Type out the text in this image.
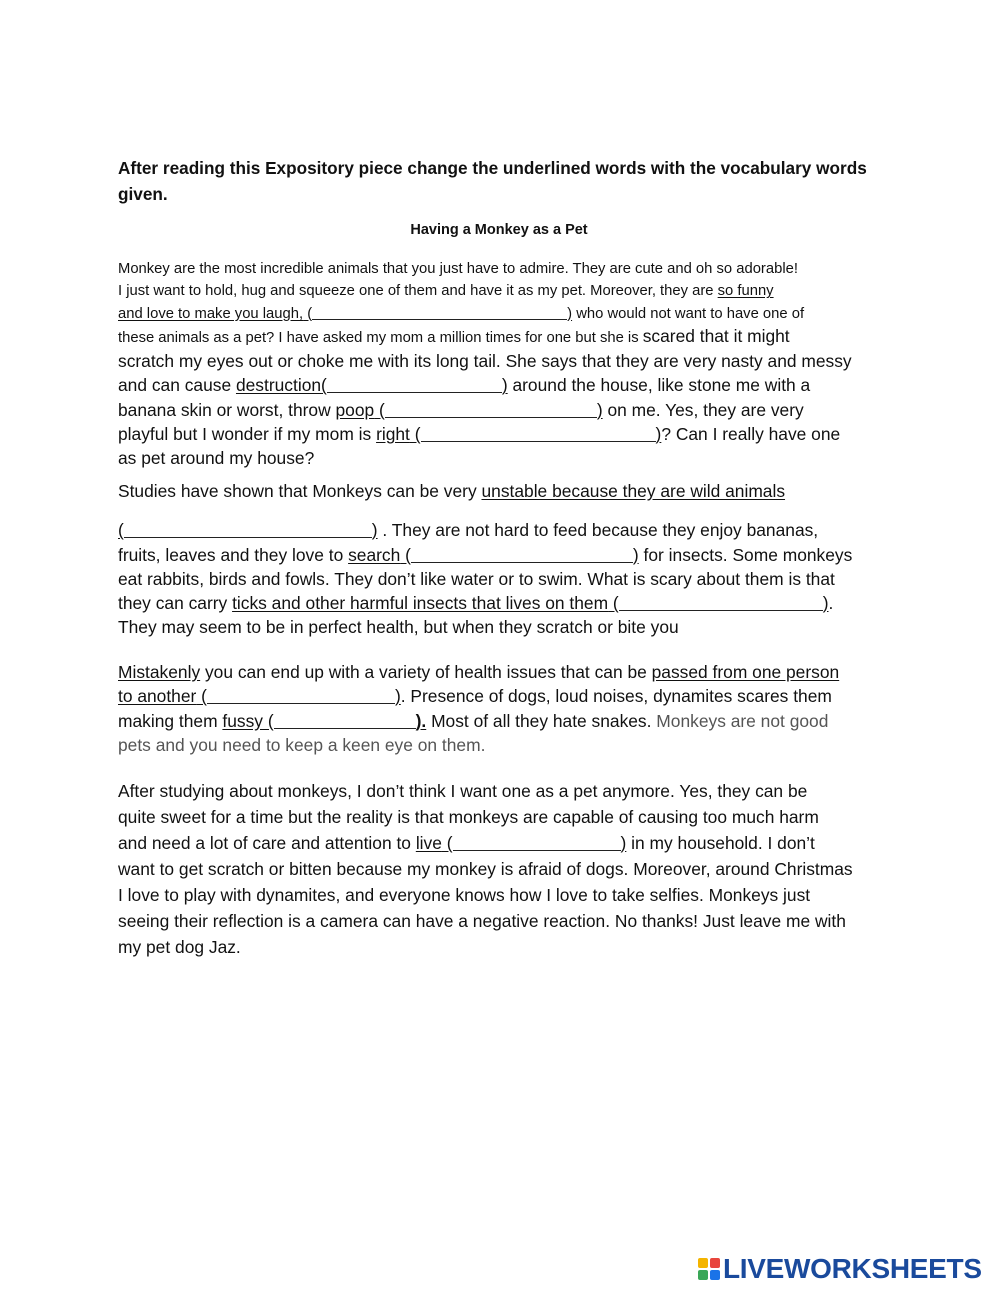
After reading this Expository piece change the underlined words with the vocabulary words given.
Having a Monkey as a Pet
Monkey are the most incredible animals that you just have to admire. They are cute and oh so adorable!
I just want to hold, hug and squeeze one of them and have it as my pet. Moreover, they are so funny
and love to make you laugh, (	) who would not want to have one of
these animals as a pet? I have asked my mom a million times for one but she is scared that it might
scratch my eyes out or choke me with its long tail. She says that they are very nasty and messy
and can cause destruction(	) around the house, like stone me with a
banana skin or worst, throw poop (	) on me. Yes, they are very
playful but I wonder if my mom is right (	)? Can I really have one
as pet around my house?
Studies have shown that Monkeys can be very unstable because they are wild animals
(	) . They are not hard to feed because they enjoy bananas,
fruits, leaves and they love to search (	) for insects. Some monkeys
eat rabbits, birds and fowls. They don’t like water or to swim. What is scary about them is that
they can carry ticks and other harmful insects that lives on them (	).
They may seem to be in perfect health, but when they scratch or bite you
Mistakenly you can end up with a variety of health issues that can be passed from one person
to another (	). Presence of dogs, loud noises, dynamites scares them
making them fussy (	). Most of all they hate snakes. Monkeys are not good
pets and you need to keep a keen eye on them.
After studying about monkeys, I don’t think I want one as a pet anymore. Yes, they can be
quite sweet for a time but the reality is that monkeys are capable of causing too much harm
and need a lot of care and attention to live (	) in my household. I don’t
want to get scratch or bitten because my monkey is afraid of dogs. Moreover, around Christmas
I love to play with dynamites, and everyone knows how I love to take selfies. Monkeys just
seeing their reflection is a camera can have a negative reaction. No thanks! Just leave me with
my pet dog Jaz.
LIVEWORKSHEETS
